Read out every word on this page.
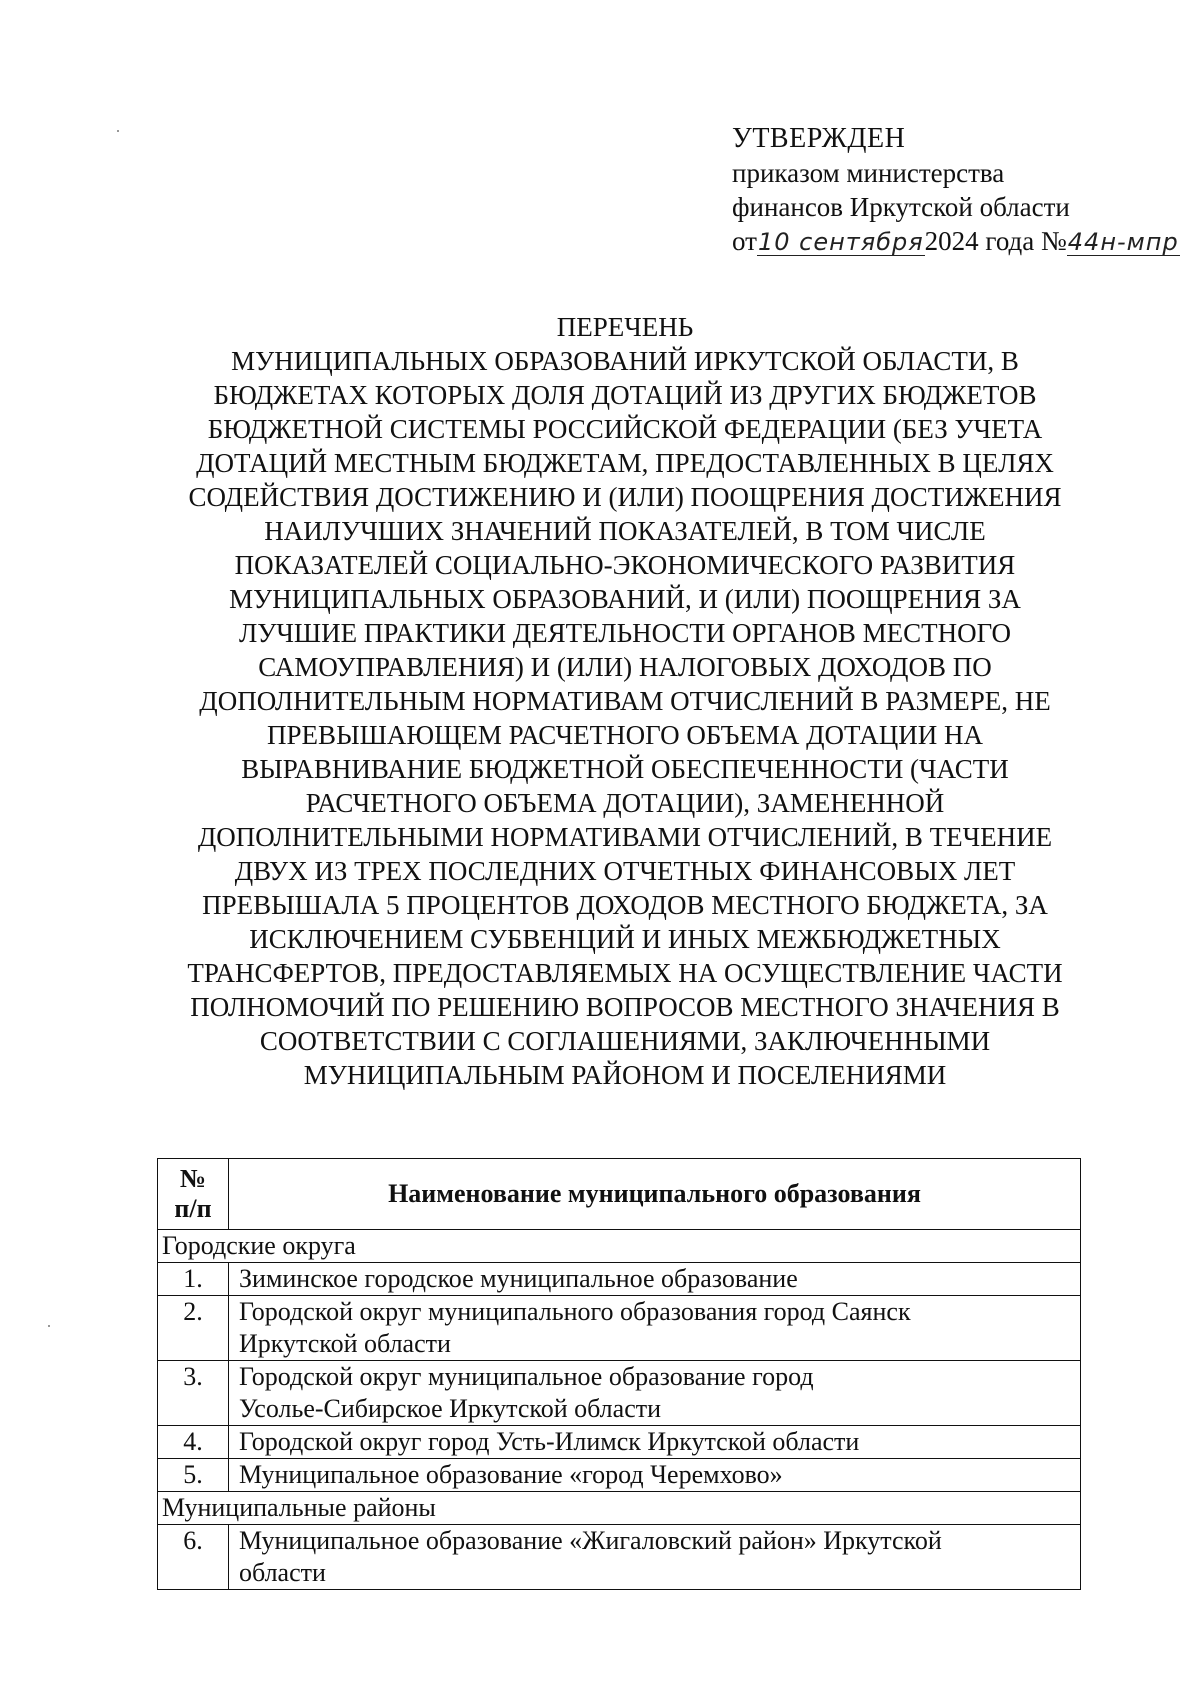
УТВЕРЖДЕН
приказом министерства
финансов Иркутской области
от10 сентября2024 года №44н-мпр
ПЕРЕЧЕНЬ
МУНИЦИПАЛЬНЫХ ОБРАЗОВАНИЙ ИРКУТСКОЙ ОБЛАСТИ, В
БЮДЖЕТАХ КОТОРЫХ ДОЛЯ ДОТАЦИЙ ИЗ ДРУГИХ БЮДЖЕТОВ
БЮДЖЕТНОЙ СИСТЕМЫ РОССИЙСКОЙ ФЕДЕРАЦИИ (БЕЗ УЧЕТА
ДОТАЦИЙ МЕСТНЫМ БЮДЖЕТАМ, ПРЕДОСТАВЛЕННЫХ В ЦЕЛЯХ
СОДЕЙСТВИЯ ДОСТИЖЕНИЮ И (ИЛИ) ПООЩРЕНИЯ ДОСТИЖЕНИЯ
НАИЛУЧШИХ ЗНАЧЕНИЙ ПОКАЗАТЕЛЕЙ, В ТОМ ЧИСЛЕ
ПОКАЗАТЕЛЕЙ СОЦИАЛЬНО-ЭКОНОМИЧЕСКОГО РАЗВИТИЯ
МУНИЦИПАЛЬНЫХ ОБРАЗОВАНИЙ, И (ИЛИ) ПООЩРЕНИЯ ЗА
ЛУЧШИЕ ПРАКТИКИ ДЕЯТЕЛЬНОСТИ ОРГАНОВ МЕСТНОГО
САМОУПРАВЛЕНИЯ) И (ИЛИ) НАЛОГОВЫХ ДОХОДОВ ПО
ДОПОЛНИТЕЛЬНЫМ НОРМАТИВАМ ОТЧИСЛЕНИЙ В РАЗМЕРЕ, НЕ
ПРЕВЫШАЮЩЕМ РАСЧЕТНОГО ОБЪЕМА ДОТАЦИИ НА
ВЫРАВНИВАНИЕ БЮДЖЕТНОЙ ОБЕСПЕЧЕННОСТИ (ЧАСТИ
РАСЧЕТНОГО ОБЪЕМА ДОТАЦИИ), ЗАМЕНЕННОЙ
ДОПОЛНИТЕЛЬНЫМИ НОРМАТИВАМИ ОТЧИСЛЕНИЙ, В ТЕЧЕНИЕ
ДВУХ ИЗ ТРЕХ ПОСЛЕДНИХ ОТЧЕТНЫХ ФИНАНСОВЫХ ЛЕТ
ПРЕВЫШАЛА 5 ПРОЦЕНТОВ ДОХОДОВ МЕСТНОГО БЮДЖЕТА, ЗА
ИСКЛЮЧЕНИЕМ СУБВЕНЦИЙ И ИНЫХ МЕЖБЮДЖЕТНЫХ
ТРАНСФЕРТОВ, ПРЕДОСТАВЛЯЕМЫХ НА ОСУЩЕСТВЛЕНИЕ ЧАСТИ
ПОЛНОМОЧИЙ ПО РЕШЕНИЮ ВОПРОСОВ МЕСТНОГО ЗНАЧЕНИЯ В
СООТВЕТСТВИИ С СОГЛАШЕНИЯМИ, ЗАКЛЮЧЕННЫМИ
МУНИЦИПАЛЬНЫМ РАЙОНОМ И ПОСЕЛЕНИЯМИ
№
п/п	Наименование муниципального образования
Городские округа	
1.	Зиминское городское муниципальное образование
2.	Городской округ муниципального образования город Саянск
Иркутской области
3.	Городской округ муниципальное образование город
Усолье-Сибирское Иркутской области
4.	Городской округ город Усть-Илимск Иркутской области
5.	Муниципальное образование «город Черемхово»
Муниципальные районы	
6.	Муниципальное образование «Жигаловский район» Иркутской
области
